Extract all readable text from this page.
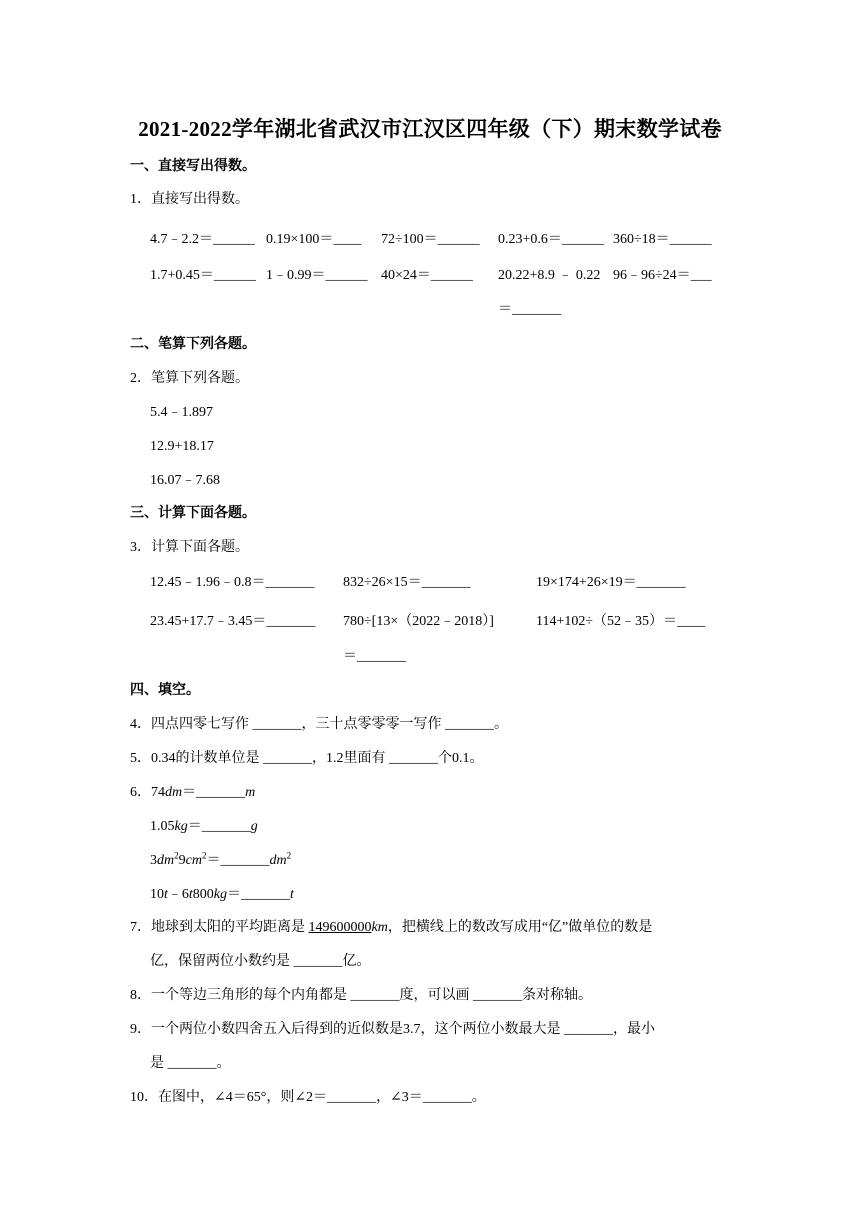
2021-2022学年湖北省武汉市江汉区四年级（下）期末数学试卷
一、直接写出得数。
1．直接写出得数。
4.7﹣2.2＝______ 0.19×100＝____ 72÷100＝______ 0.23+0.6＝______ 360÷18＝______
1.7+0.45＝______ 1﹣0.99＝______ 40×24＝______ 20.22+8.9 ﹣ 0.22 96﹣96÷24＝___
＝_______
二、笔算下列各题。
2．笔算下列各题。
5.4﹣1.897
12.9+18.17
16.07﹣7.68
三、计算下面各题。
3．计算下面各题。
12.45﹣1.96﹣0.8＝_______ 832÷26×15＝_______	19×174+26×19＝_______
23.45+17.7﹣3.45＝_______ 780÷[13×（2022﹣2018）]	114+102÷（52﹣35）＝____
＝_______
四、填空。
4．四点四零七写作 _______，三十点零零零一写作 _______。
5．0.34的计数单位是 _______，1.2里面有 _______个0.1。
6．74dm＝_______m
1.05kg＝_______g
$3dm^29cm^2=\_\_\_\_\_\_\_dm^2$
10t﹣6t800kg＝_______t
7．地球到太阳的平均距离是 149600000km，把横线上的数改写成用“亿”做单位的数是
亿，保留两位小数约是 _______亿。
8．一个等边三角形的每个内角都是 _______度，可以画 _______条对称轴。
9．一个两位小数四舍五入后得到的近似数是3.7，这个两位小数最大是 _______，最小
是 _______。
10．在图中，∠4＝65°，则∠2＝_______，∠3＝_______。
